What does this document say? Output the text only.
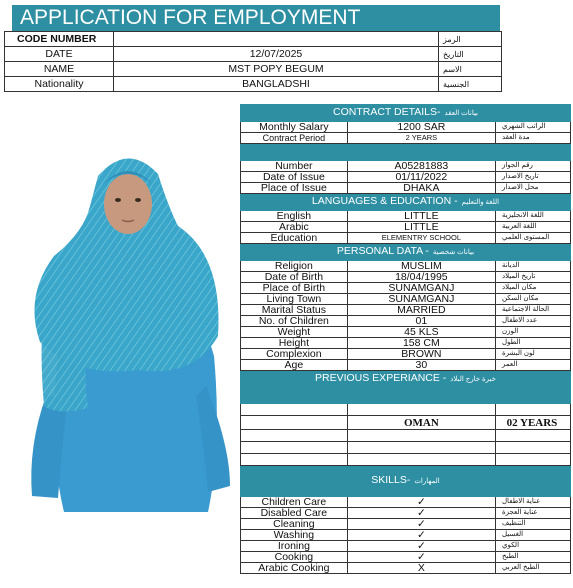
APPLICATION FOR EMPLOYMENT
CODE NUMBER		الرمز
DATE	12/07/2025	التاريخ
NAME	MST POPY BEGUM	الاسم
Nationality	BANGLADSHI	الجنسية
CONTRACT DETAILS- بيانات العقد		
Monthly Salary	1200 SAR	الراتب الشهري
Contract Period	2 YEARS	مدة العقد

Number	A05281883	رقم الجواز
Date of Issue	01/11/2022	تاريخ الاصدار
Place of Issue	DHAKA	محل الاصدار
LANGUAGES & EDUCATION - اللغة والتعليم		
English	LITTLE	اللغة الانجليزية
Arabic	LITTLE	اللغة العربية
Education	ELEMENTRY SCHOOL	المستوى العلمي
PERSONAL DATA - بيانات شخصية		
Religion	MUSLIM	الديانة
Date of Birth	18/04/1995	تاريخ الميلاد
Place of Birth	SUNAMGANJ	مكان الميلاد
Living Town	SUNAMGANJ	مكان السكن
Marital Status	MARRIED	الحالة الاجتماعية
No. of Children	01	عدد الاطفال
Weight	45 KLS	الوزن
Height	158 CM	الطول
Complexion	BROWN	لون البشرة
Age	30	العمر
PREVIOUS EXPERIANCE - خبرة خارج البلاد		

	OMAN	02 YEARS

SKILLS- المهارات		
Children Care	✓	عناية الاطفال
Disabled Care	✓	عناية العجزة
Cleaning	✓	التنظيف
Washing	✓	الغسيل
Ironing	✓	الكوي
Cooking	✓	الطبخ
Arabic Cooking	X	الطبخ العربي
